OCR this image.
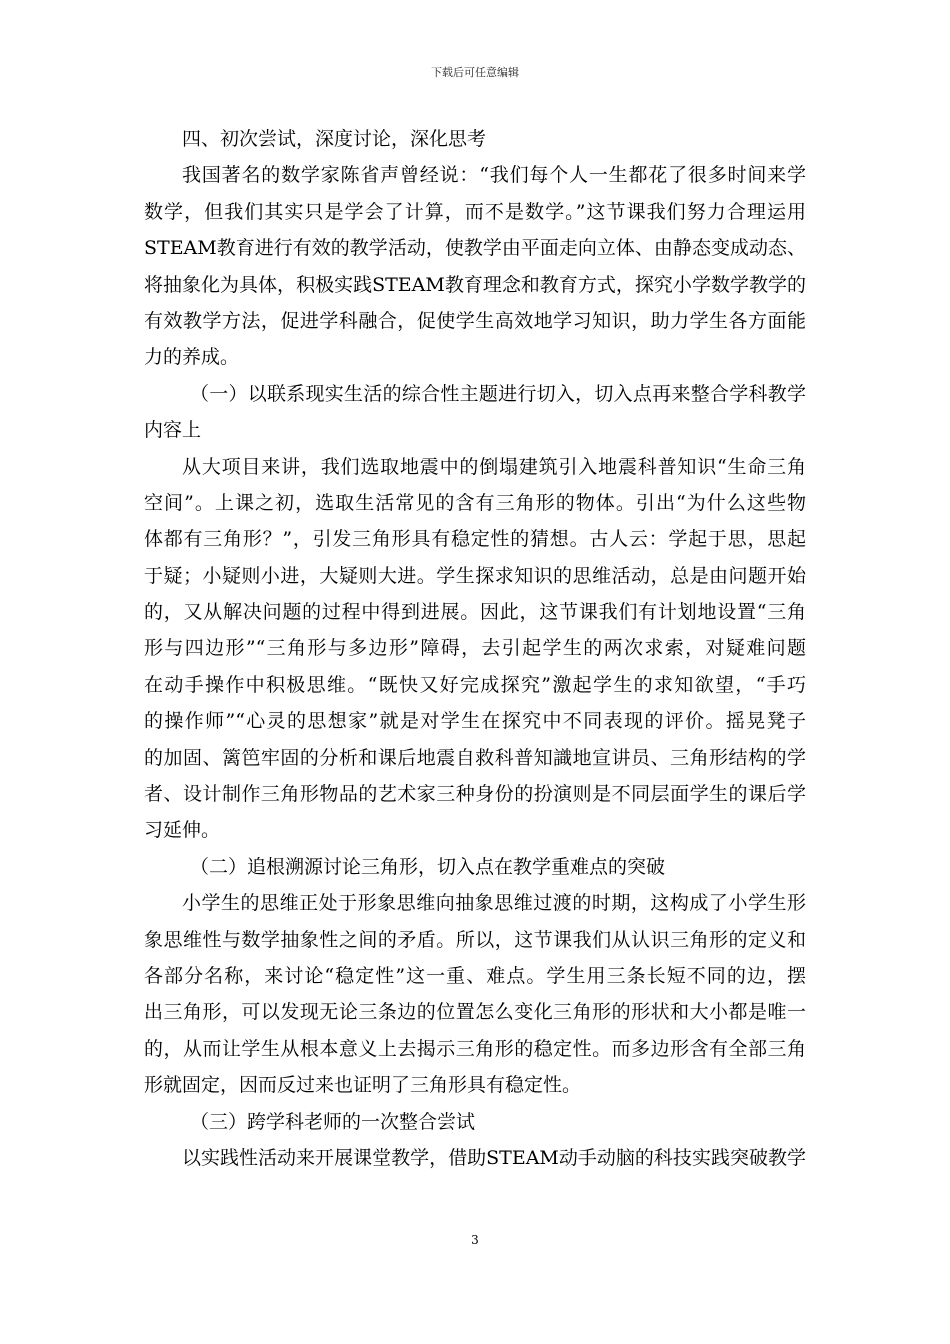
下载后可任意编辑
四、初次尝试，深度讨论，深化思考
我国著名的数学家陈省声曾经说：“我们每个人一生都花了很多时间来学
数学，但我们其实只是学会了计算，而不是数学。”这节课我们努力合理运用
STEAM教育进行有效的教学活动，使教学由平面走向立体、由静态变成动态、
将抽象化为具体，积极实践STEAM教育理念和教育方式，探究小学数学教学的
有效教学方法，促进学科融合，促使学生高效地学习知识，助力学生各方面能
力的养成。
（一）以联系现实生活的综合性主题进行切入，切入点再来整合学科教学
内容上
从大项目来讲，我们选取地震中的倒塌建筑引入地震科普知识“生命三角
空间”。上课之初，选取生活常见的含有三角形的物体。引出“为什么这些物
体都有三角形？”，引发三角形具有稳定性的猜想。古人云：学起于思，思起
于疑；小疑则小进，大疑则大进。学生探求知识的思维活动，总是由问题开始
的，又从解决问题的过程中得到进展。因此，这节课我们有计划地设置“三角
形与四边形”“三角形与多边形”障碍，去引起学生的两次求索，对疑难问题
在动手操作中积极思维。“既快又好完成探究”激起学生的求知欲望，“手巧
的操作师”“心灵的思想家”就是对学生在探究中不同表现的评价。摇晃凳子
的加固、篱笆牢固的分析和课后地震自救科普知識地宣讲员、三角形结构的学
者、设计制作三角形物品的艺术家三种身份的扮演则是不同层面学生的课后学
习延伸。
（二）追根溯源讨论三角形，切入点在教学重难点的突破
小学生的思维正处于形象思维向抽象思维过渡的时期，这构成了小学生形
象思维性与数学抽象性之间的矛盾。所以，这节课我们从认识三角形的定义和
各部分名称，来讨论“稳定性”这一重、难点。学生用三条长短不同的边，摆
出三角形，可以发现无论三条边的位置怎么变化三角形的形状和大小都是唯一
的，从而让学生从根本意义上去揭示三角形的稳定性。而多边形含有全部三角
形就固定，因而反过来也证明了三角形具有稳定性。
（三）跨学科老师的一次整合尝试
以实践性活动来开展课堂教学，借助STEAM动手动脑的科技实践突破教学
3
